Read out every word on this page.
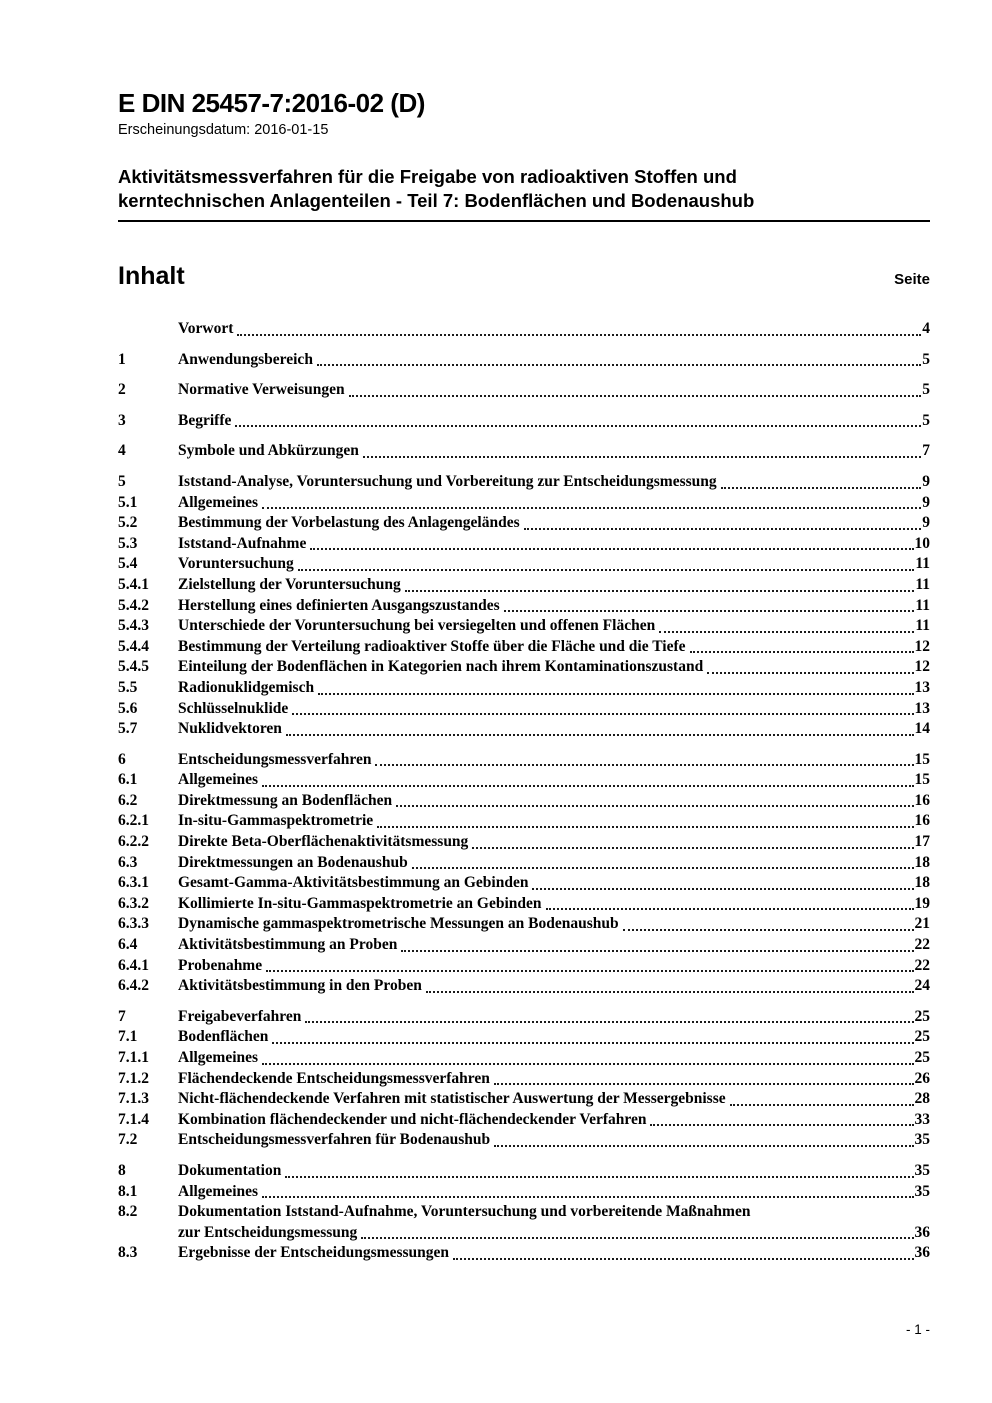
E DIN 25457-7:2016-02 (D)
Erscheinungsdatum: 2016-01-15
Aktivitätsmessverfahren für die Freigabe von radioaktiven Stoffen und
kerntechnischen Anlagenteilen - Teil 7: Bodenflächen und Bodenaushub
Inhalt	Seite
Vorwort	4
1	Anwendungsbereich	5
2	Normative Verweisungen	5
3	Begriffe	5
4	Symbole und Abkürzungen	7
5	Iststand-Analyse, Voruntersuchung und Vorbereitung zur Entscheidungsmessung	9
5.1	Allgemeines	9
5.2	Bestimmung der Vorbelastung des Anlagengeländes	9
5.3	Iststand-Aufnahme	10
5.4	Voruntersuchung	11
5.4.1	Zielstellung der Voruntersuchung	11
5.4.2	Herstellung eines definierten Ausgangszustandes	11
5.4.3	Unterschiede der Voruntersuchung bei versiegelten und offenen Flächen	11
5.4.4	Bestimmung der Verteilung radioaktiver Stoffe über die Fläche und die Tiefe	12
5.4.5	Einteilung der Bodenflächen in Kategorien nach ihrem Kontaminationszustand	12
5.5	Radionuklidgemisch	13
5.6	Schlüsselnuklide	13
5.7	Nuklidvektoren	14
6	Entscheidungsmessverfahren	15
6.1	Allgemeines	15
6.2	Direktmessung an Bodenflächen	16
6.2.1	In-situ-Gammaspektrometrie	16
6.2.2	Direkte Beta-Oberflächenaktivitätsmessung	17
6.3	Direktmessungen an Bodenaushub	18
6.3.1	Gesamt-Gamma-Aktivitätsbestimmung an Gebinden	18
6.3.2	Kollimierte In-situ-Gammaspektrometrie an Gebinden	19
6.3.3	Dynamische gammaspektrometrische Messungen an Bodenaushub	21
6.4	Aktivitätsbestimmung an Proben	22
6.4.1	Probenahme	22
6.4.2	Aktivitätsbestimmung in den Proben	24
7	Freigabeverfahren	25
7.1	Bodenflächen	25
7.1.1	Allgemeines	25
7.1.2	Flächendeckende Entscheidungsmessverfahren	26
7.1.3	Nicht-flächendeckende Verfahren mit statistischer Auswertung der Messergebnisse	28
7.1.4	Kombination flächendeckender und nicht-flächendeckender Verfahren	33
7.2	Entscheidungsmessverfahren für Bodenaushub	35
8	Dokumentation	35
8.1	Allgemeines	35
8.2	Dokumentation Iststand-Aufnahme, Voruntersuchung und vorbereitende Maßnahmen
zur Entscheidungsmessung	36
8.3	Ergebnisse der Entscheidungsmessungen	36
- 1 -
